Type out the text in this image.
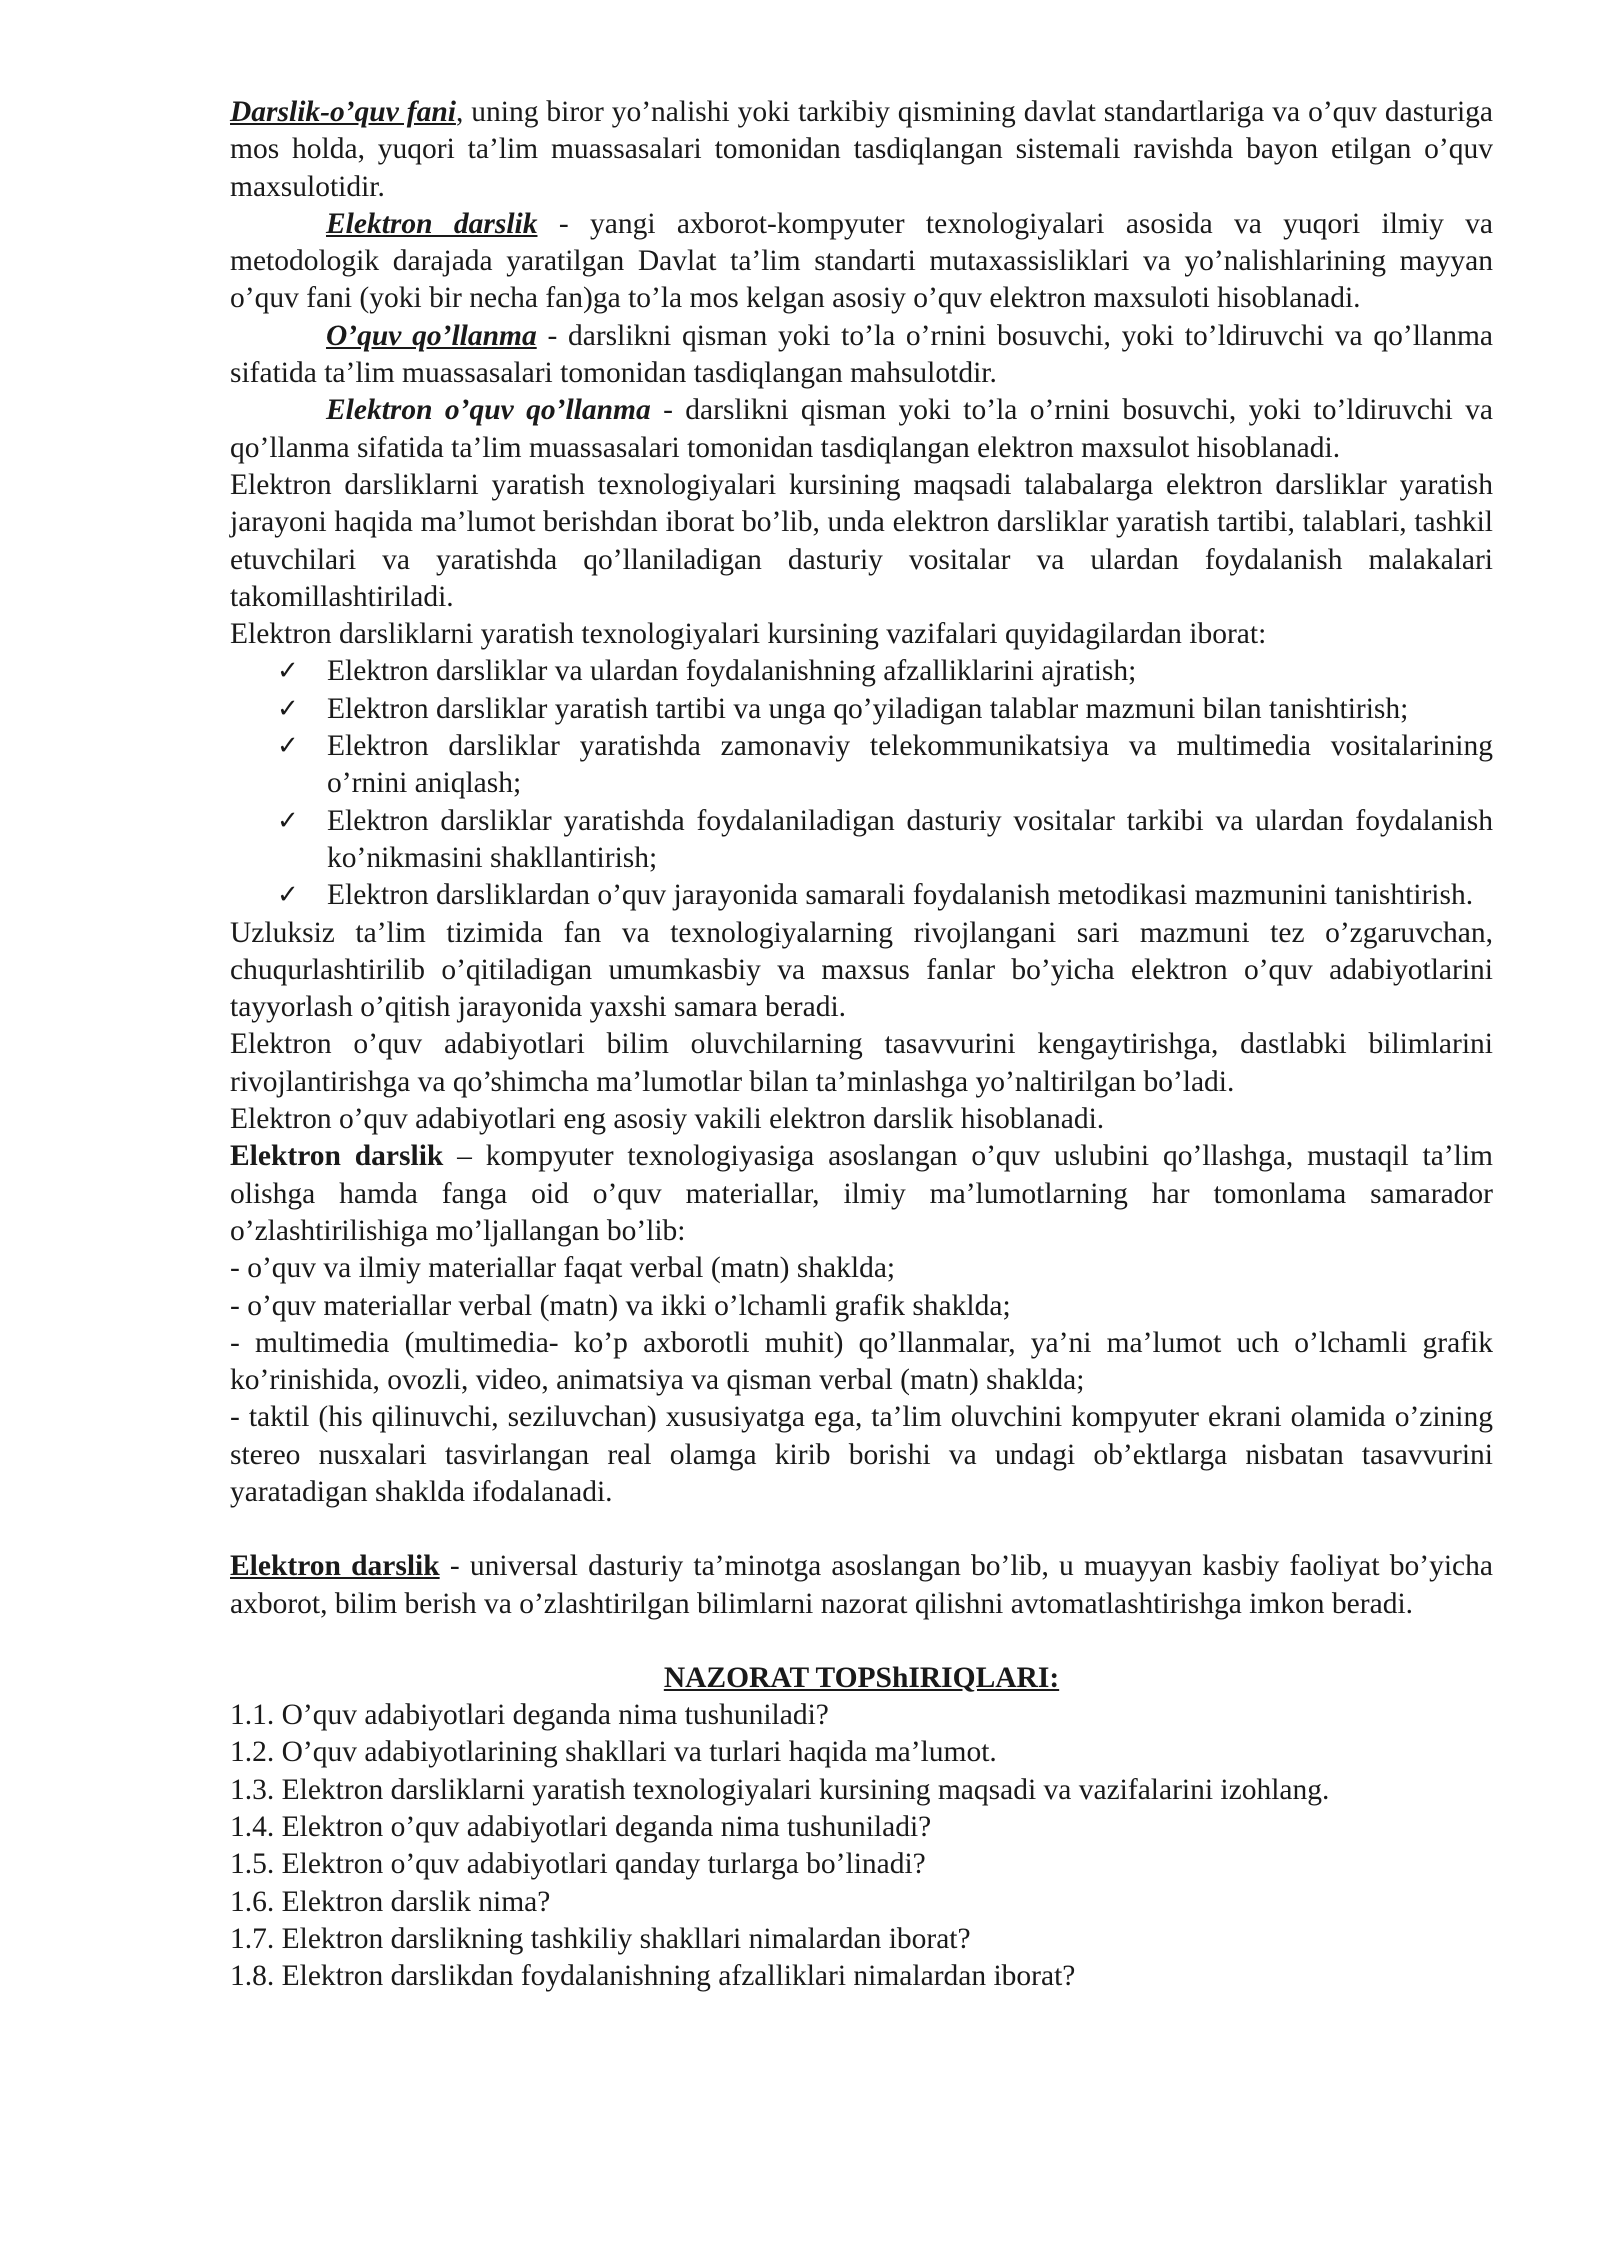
Darslik-o’quv fani, uning biror yo’nalishi yoki tarkibiy qismining davlat standartlariga va o’quv dasturiga mos holda, yuqori ta’lim muassasalari tomonidan tasdiqlangan sistemali ravishda bayon etilgan o’quv maxsulotidir.

Elektron darslik - yangi axborot-kompyuter texnologiyalari asosida va yuqori ilmiy va metodologik darajada yaratilgan Davlat ta’lim standarti mutaxassisliklari va yo’nalishlarining mayyan o’quv fani (yoki bir necha fan)ga to’la mos kelgan asosiy o’quv elektron maxsuloti hisoblanadi.

O’quv qo’llanma - darslikni qisman yoki to’la o’rnini bosuvchi, yoki to’ldiruvchi va qo’llanma sifatida ta’lim muassasalari tomonidan tasdiqlangan mahsulotdir.

Elektron o’quv qo’llanma - darslikni qisman yoki to’la o’rnini bosuvchi, yoki to’ldiruvchi va qo’llanma sifatida ta’lim muassasalari tomonidan tasdiqlangan elektron maxsulot hisoblanadi.

Elektron darsliklarni yaratish texnologiyalari kursining maqsadi talabalarga elektron darsliklar yaratish jarayoni haqida ma’lumot berishdan iborat bo’lib, unda elektron darsliklar yaratish tartibi, talablari, tashkil etuvchilari va yaratishda qo’llaniladigan dasturiy vositalar va ulardan foydalanish malakalari takomillashtiriladi.

Elektron darsliklarni yaratish texnologiyalari kursining vazifalari quyidagilardan iborat:

✓ Elektron darsliklar va ulardan foydalanishning afzalliklarini ajratish;
✓ Elektron darsliklar yaratish tartibi va unga qo’yiladigan talablar mazmuni bilan tanishtirish;
✓ Elektron darsliklar yaratishda zamonaviy telekommunikatsiya va multimedia vositalarining o’rnini aniqlash;
✓ Elektron darsliklar yaratishda foydalaniladigan dasturiy vositalar tarkibi va ulardan foydalanish ko’nikmasini shakllantirish;
✓ Elektron darsliklardan o’quv jarayonida samarali foydalanish metodikasi mazmunini tanishtirish.

Uzluksiz ta’lim tizimida fan va texnologiyalarning rivojlangani sari mazmuni tez o’zgaruvchan, chuqurlashtirilib o’qitiladigan umumkasbiy va maxsus fanlar bo’yicha elektron o’quv adabiyotlarini tayyorlash o’qitish jarayonida yaxshi samara beradi.

Elektron o’quv adabiyotlari bilim oluvchilarning tasavvurini kengaytirishga, dastlabki bilimlarini rivojlantirishga va qo’shimcha ma’lumotlar bilan ta’minlashga yo’naltirilgan bo’ladi.

Elektron o’quv adabiyotlari eng asosiy vakili elektron darslik hisoblanadi.

Elektron darslik – kompyuter texnologiyasiga asoslangan o’quv uslubini qo’llashga, mustaqil ta’lim olishga hamda fanga oid o’quv materiallar, ilmiy ma’lumotlarning har tomonlama samarador o’zlashtirilishiga mo’ljallangan bo’lib:

- o’quv va ilmiy materiallar faqat verbal (matn) shaklda;

- o’quv materiallar verbal (matn) va ikki o’lchamli grafik shaklda;

- multimedia (multimedia- ko’p axborotli muhit) qo’llanmalar, ya’ni ma’lumot uch o’lchamli grafik ko’rinishida, ovozli, video, animatsiya va qisman verbal (matn) shaklda;

- taktil (his qilinuvchi, seziluvchan) xususiyatga ega, ta’lim oluvchini kompyuter ekrani olamida o’zining stereo nusxalari tasvirlangan real olamga kirib borishi va undagi ob’ektlarga nisbatan tasavvurini yaratadigan shaklda ifodalanadi.

Elektron darslik - universal dasturiy ta’minotga asoslangan bo’lib, u muayyan kasbiy faoliyat bo’yicha axborot, bilim berish va o’zlashtirilgan bilimlarni nazorat qilishni avtomatlashtirishga imkon beradi.

NAZORAT TOPShIRIQLARI:

1.1. O’quv adabiyotlari deganda nima tushuniladi?
1.2. O’quv adabiyotlarining shakllari va turlari haqida ma’lumot.
1.3. Elektron darsliklarni yaratish texnologiyalari kursining maqsadi va vazifalarini izohlang.
1.4. Elektron o’quv adabiyotlari deganda nima tushuniladi?
1.5. Elektron o’quv adabiyotlari qanday turlarga bo’linadi?
1.6. Elektron darslik nima?
1.7. Elektron darslikning tashkiliy shakllari nimalardan iborat?
1.8. Elektron darslikdan foydalanishning afzalliklari nimalardan iborat?
